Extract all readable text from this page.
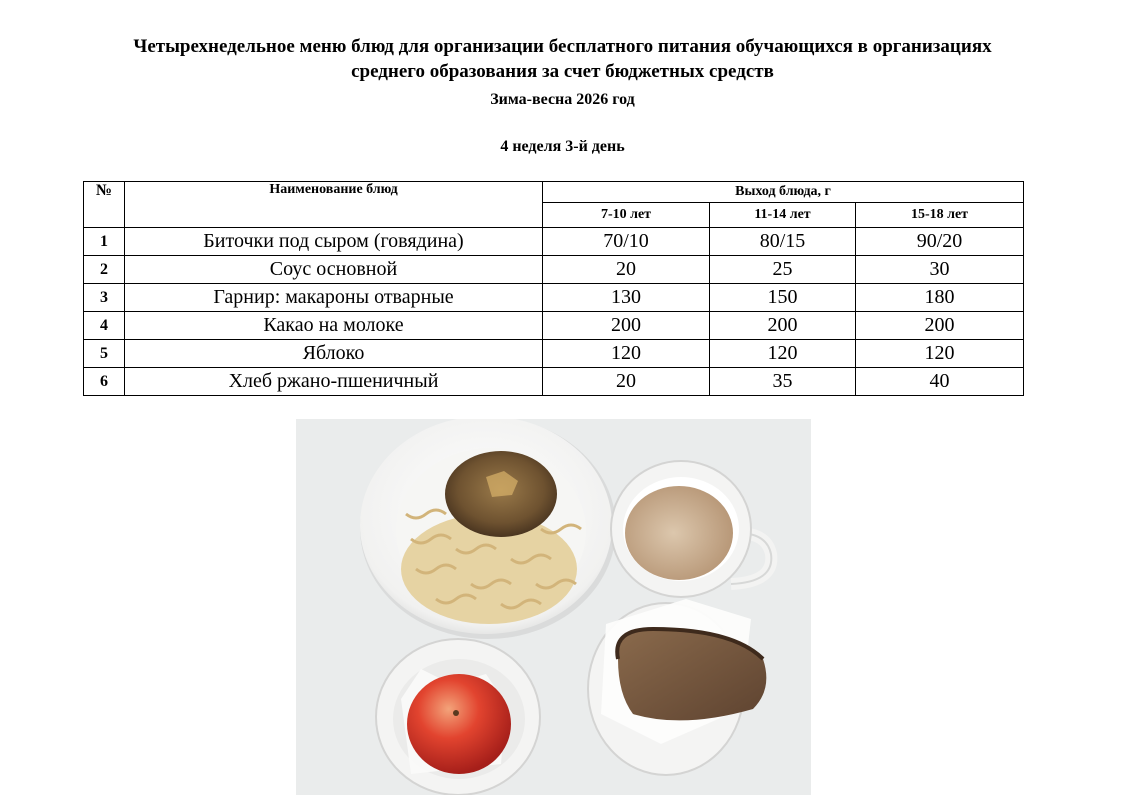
Четырехнедельное меню блюд для организации бесплатного питания обучающихся в организациях
среднего образования за счет бюджетных средств
Зима-весна 2026 год
4 неделя 3-й день
№	Наименование блюд	Выход блюда, г		
		7-10 лет	11-14 лет	15-18 лет
1	Биточки под сыром (говядина)	70/10	80/15	90/20
2	Соус основной	20	25	30
3	Гарнир: макароны отварные	130	150	180
4	Какао на молоке	200	200	200
5	Яблоко	120	120	120
6	Хлеб ржано-пшеничный	20	35	40
